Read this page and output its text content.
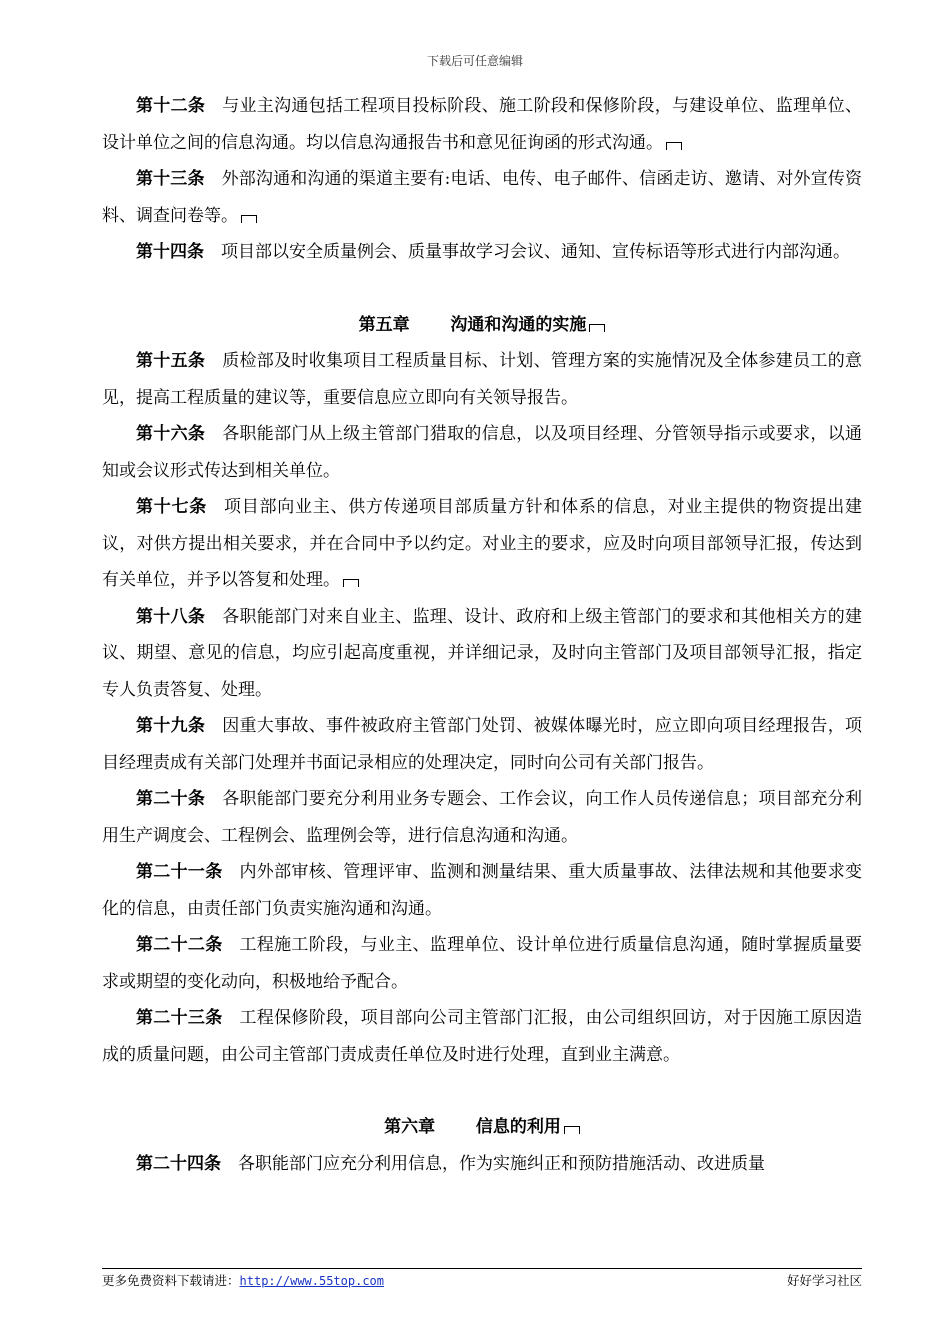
下载后可任意编辑

第十二条 与业主沟通包括工程项目投标阶段、施工阶段和保修阶段，与建设单位、监理单位、设计单位之间的信息沟通。均以信息沟通报告书和意见征询函的形式沟通。

第十三条 外部沟通和沟通的渠道主要有:电话、电传、电子邮件、信函走访、邀请、对外宣传资料、调查问卷等。

第十四条 项目部以安全质量例会、质量事故学习会议、通知、宣传标语等形式进行内部沟通。

第五章 沟通和沟通的实施

第十五条 质检部及时收集项目工程质量目标、计划、管理方案的实施情况及全体参建员工的意见，提高工程质量的建议等，重要信息应立即向有关领导报告。

第十六条 各职能部门从上级主管部门猎取的信息，以及项目经理、分管领导指示或要求，以通知或会议形式传达到相关单位。

第十七条 项目部向业主、供方传递项目部质量方针和体系的信息，对业主提供的物资提出建议，对供方提出相关要求，并在合同中予以约定。对业主的要求，应及时向项目部领导汇报，传达到有关单位，并予以答复和处理。

第十八条 各职能部门对来自业主、监理、设计、政府和上级主管部门的要求和其他相关方的建议、期望、意见的信息，均应引起高度重视，并详细记录，及时向主管部门及项目部领导汇报，指定专人负责答复、处理。

第十九条 因重大事故、事件被政府主管部门处罚、被媒体曝光时，应立即向项目经理报告，项目经理责成有关部门处理并书面记录相应的处理决定，同时向公司有关部门报告。

第二十条 各职能部门要充分利用业务专题会、工作会议，向工作人员传递信息；项目部充分利用生产调度会、工程例会、监理例会等，进行信息沟通和沟通。

第二十一条 内外部审核、管理评审、监测和测量结果、重大质量事故、法律法规和其他要求变化的信息，由责任部门负责实施沟通和沟通。

第二十二条 工程施工阶段，与业主、监理单位、设计单位进行质量信息沟通，随时掌握质量要求或期望的变化动向，积极地给予配合。

第二十三条 工程保修阶段，项目部向公司主管部门汇报，由公司组织回访，对于因施工原因造成的质量问题，由公司主管部门责成责任单位及时进行处理，直到业主满意。

第六章 信息的利用

第二十四条 各职能部门应充分利用信息，作为实施纠正和预防措施活动、改进质量

更多免费资料下载请进：http://www.55top.com	好好学习社区
